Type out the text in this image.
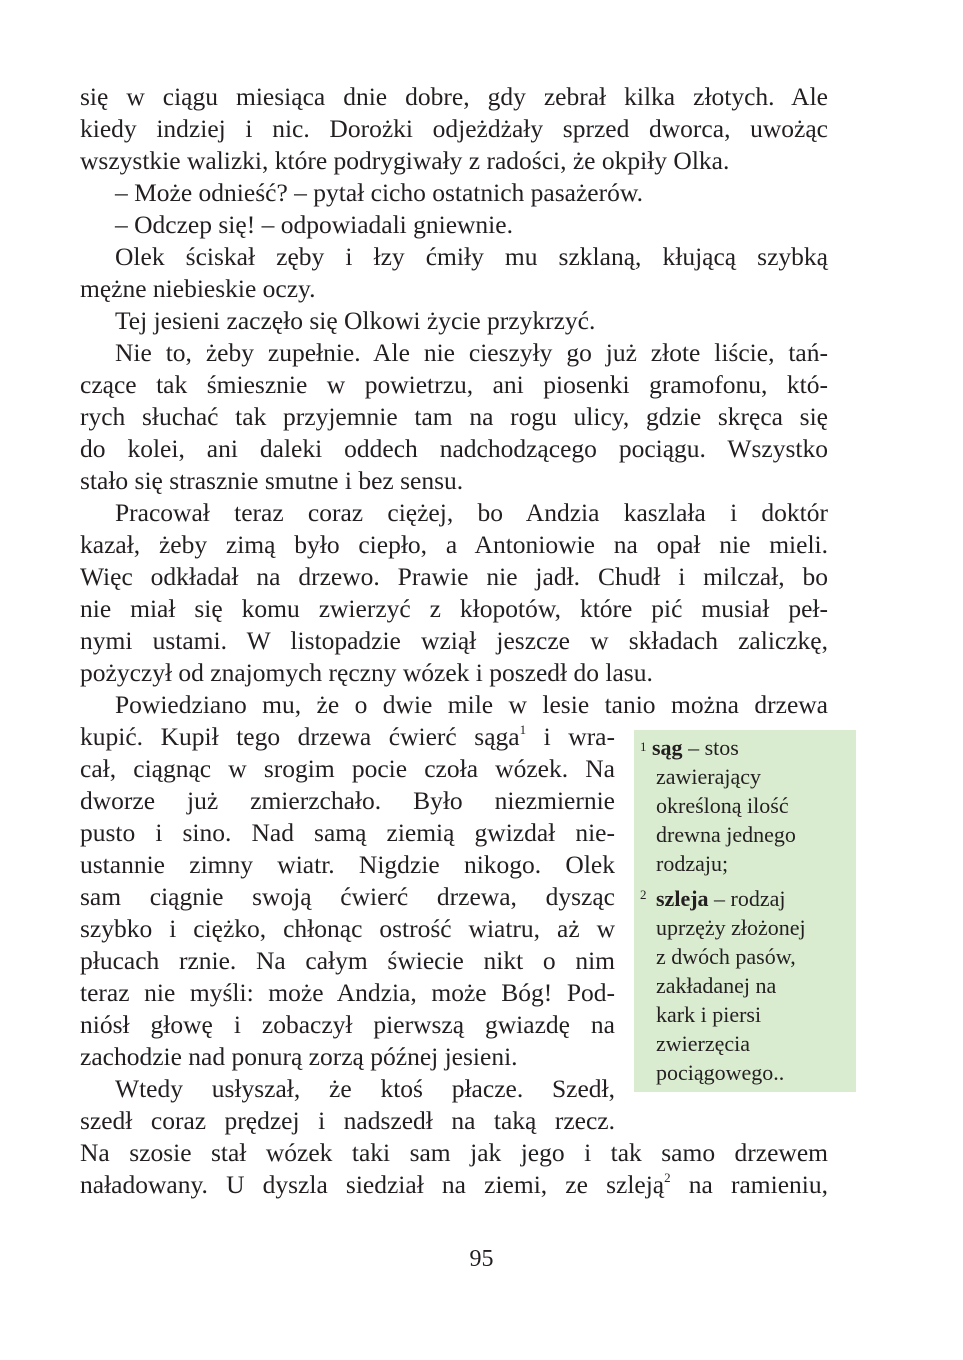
się w ciągu miesiąca dnie dobre, gdy zebrał kilka złotych. Ale
kiedy indziej i nic. Dorożki odjeżdżały sprzed dworca, uwożąc
wszystkie walizki, które podrygiwały z radości, że okpiły Olka.
– Może odnieść? – pytał cicho ostatnich pasażerów.
– Odczep się! – odpowiadali gniewnie.
Olek ściskał zęby i łzy ćmiły mu szklaną, kłującą szybką
mężne niebieskie oczy.
Tej jesieni zaczęło się Olkowi życie przykrzyć.
Nie to, żeby zupełnie. Ale nie cieszyły go już złote liście, tań-
czące tak śmiesznie w powietrzu, ani piosenki gramofonu, któ-
rych słuchać tak przyjemnie tam na rogu ulicy, gdzie skręca się
do kolei, ani daleki oddech nadchodzącego pociągu. Wszystko
stało się strasznie smutne i bez sensu.
Pracował teraz coraz ciężej, bo Andzia kaszlała i doktór
kazał, żeby zimą było ciepło, a Antoniowie na opał nie mieli.
Więc odkładał na drzewo. Prawie nie jadł. Chudł i milczał, bo
nie miał się komu zwierzyć z kłopotów, które pić musiał peł-
nymi ustami. W listopadzie wziął jeszcze w składach zaliczkę,
pożyczył od znajomych ręczny wózek i poszedł do lasu.
Powiedziano mu, że o dwie mile w lesie tanio można drzewa
kupić. Kupił tego drzewa ćwierć sąga$^1$ i wra-
cał, ciągnąc w srogim pocie czoła wózek. Na
dworze już zmierzchało. Było niezmiernie
pusto i sino. Nad samą ziemią gwizdał nie-
ustannie zimny wiatr. Nigdzie nikogo. Olek
sam ciągnie swoją ćwierć drzewa, dysząc
szybko i ciężko, chłonąc ostrość wiatru, aż w
płucach rznie. Na całym świecie nikt o nim
teraz nie myśli: może Andzia, może Bóg! Pod-
niósł głowę i zobaczył pierwszą gwiazdę na
zachodzie nad ponurą zorzą późnej jesieni.
Wtedy usłyszał, że ktoś płacze. Szedł,
szedł coraz prędzej i nadszedł na taką rzecz.
Na szosie stał wózek taki sam jak jego i tak samo drzewem
naładowany. U dyszla siedział na ziemi, ze szleją$^2$ na ramieniu,
1 sąg – stos
zawierający
określoną ilość
drewna jednego
rodzaju;
2 szleja – rodzaj
uprzęży złożonej
z dwóch pasów,
zakładanej na
kark i piersi
zwierzęcia
pociągowego..
95
